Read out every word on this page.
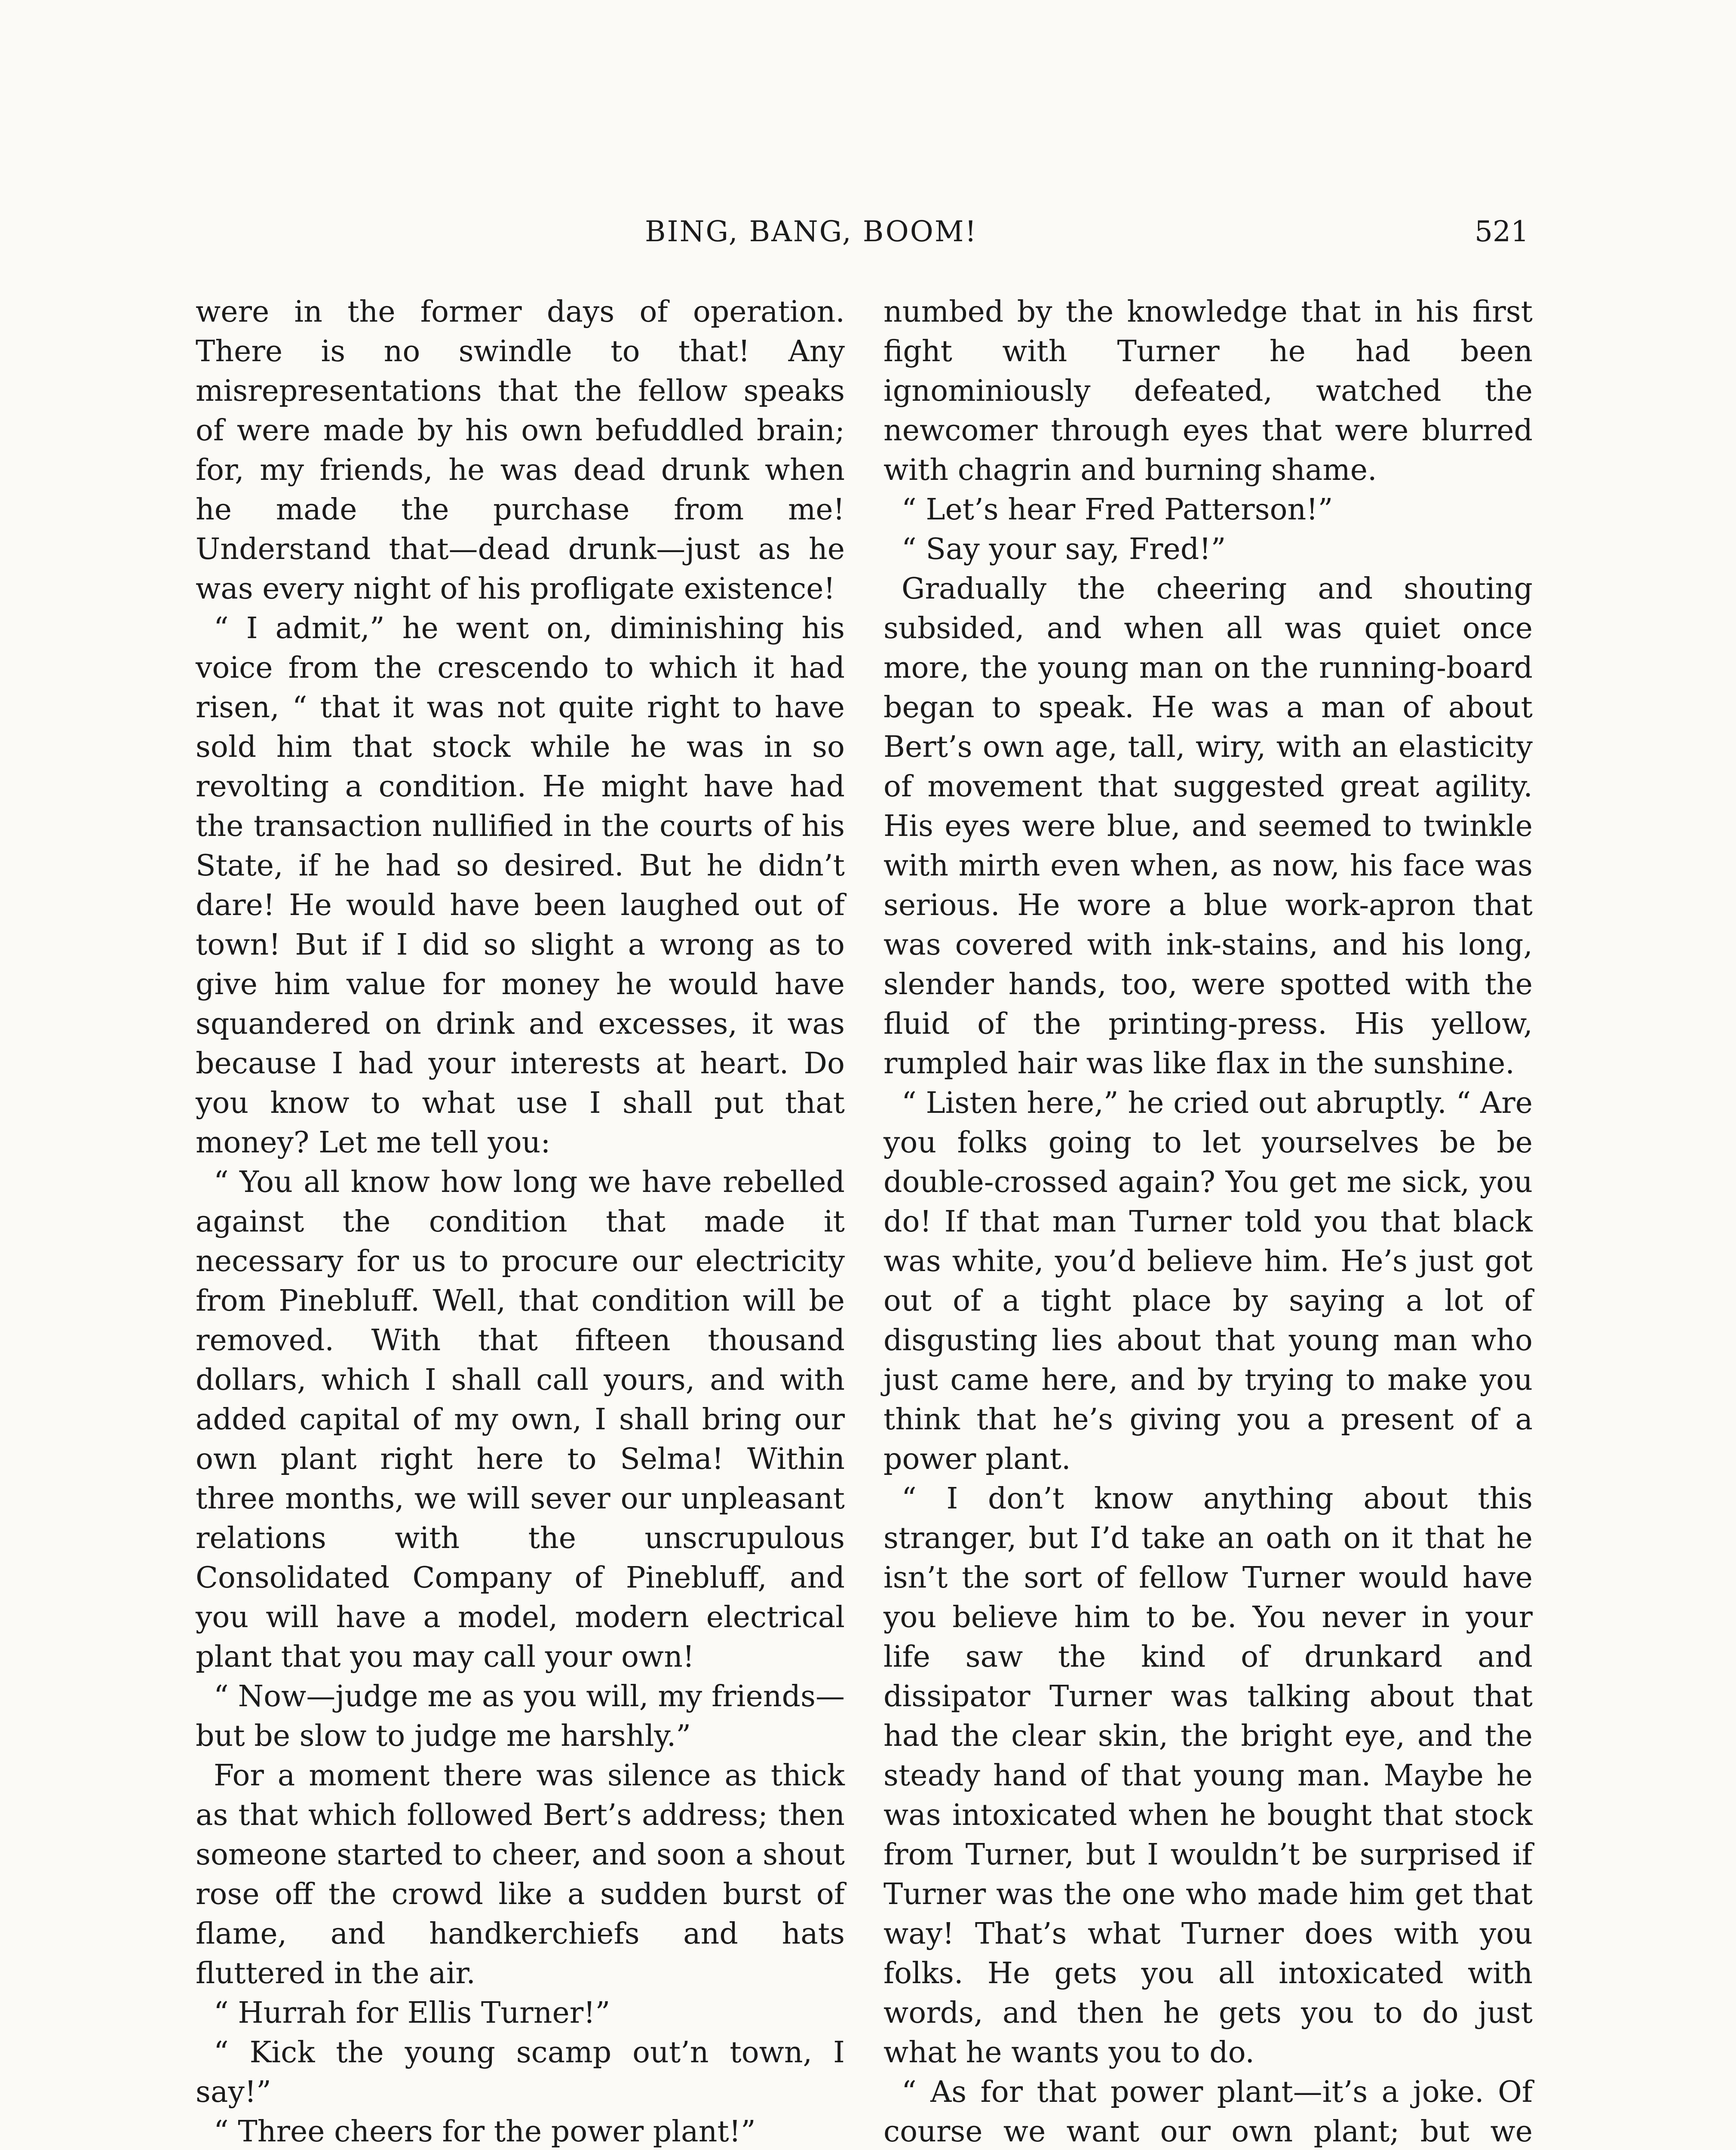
BING, BANG, BOOM!	521

were in the former days of operation. There is no swindle to that! Any misrepresentations that the fellow speaks of were made by his own befuddled brain; for, my friends, he was dead drunk when he made the purchase from me! Understand that—dead drunk—just as he was every night of his profligate existence!

“ I admit,” he went on, diminishing his voice from the crescendo to which it had risen, “ that it was not quite right to have sold him that stock while he was in so revolting a condition. He might have had the transaction nullified in the courts of his State, if he had so desired. But he didn’t dare! He would have been laughed out of town! But if I did so slight a wrong as to give him value for money he would have squandered on drink and excesses, it was because I had your interests at heart. Do you know to what use I shall put that money? Let me tell you:

“ You all know how long we have rebelled against the condition that made it necessary for us to procure our electricity from Pinebluff. Well, that condition will be removed. With that fifteen thousand dollars, which I shall call yours, and with added capital of my own, I shall bring our own plant right here to Selma! Within three months, we will sever our unpleasant relations with the unscrupulous Consolidated Company of Pinebluff, and you will have a model, modern electrical plant that you may call your own!

“ Now—judge me as you will, my friends—but be slow to judge me harshly.”

For a moment there was silence as thick as that which followed Bert’s address; then someone started to cheer, and soon a shout rose off the crowd like a sudden burst of flame, and handkerchiefs and hats fluttered in the air.

“ Hurrah for Ellis Turner!”

“ Kick the young scamp out’n town, I say!”

“ Three cheers for the power plant!”

numbed by the knowledge that in his first fight with Turner he had been ignominiously defeated, watched the newcomer through eyes that were blurred with chagrin and burning shame.

“ Let’s hear Fred Patterson!”

“ Say your say, Fred!”

Gradually the cheering and shouting subsided, and when all was quiet once more, the young man on the running-board began to speak. He was a man of about Bert’s own age, tall, wiry, with an elasticity of movement that suggested great agility. His eyes were blue, and seemed to twinkle with mirth even when, as now, his face was serious. He wore a blue work-apron that was covered with ink-stains, and his long, slender hands, too, were spotted with the fluid of the printing-press. His yellow, rumpled hair was like flax in the sunshine.

“ Listen here,” he cried out abruptly. “ Are you folks going to let yourselves be be double-crossed again? You get me sick, you do! If that man Turner told you that black was white, you’d believe him. He’s just got out of a tight place by saying a lot of disgusting lies about that young man who just came here, and by trying to make you think that he’s giving you a present of a power plant.

“ I don’t know anything about this stranger, but I’d take an oath on it that he isn’t the sort of fellow Turner would have you believe him to be. You never in your life saw the kind of drunkard and dissipator Turner was talking about that had the clear skin, the bright eye, and the steady hand of that young man. Maybe he was intoxicated when he bought that stock from Turner, but I wouldn’t be surprised if Turner was the one who made him get that way! That’s what Turner does with you folks. He gets you all intoxicated with words, and then he gets you to do just what he wants you to do.

“ As for that power plant—it’s a joke. Of course we want our own plant; but we
